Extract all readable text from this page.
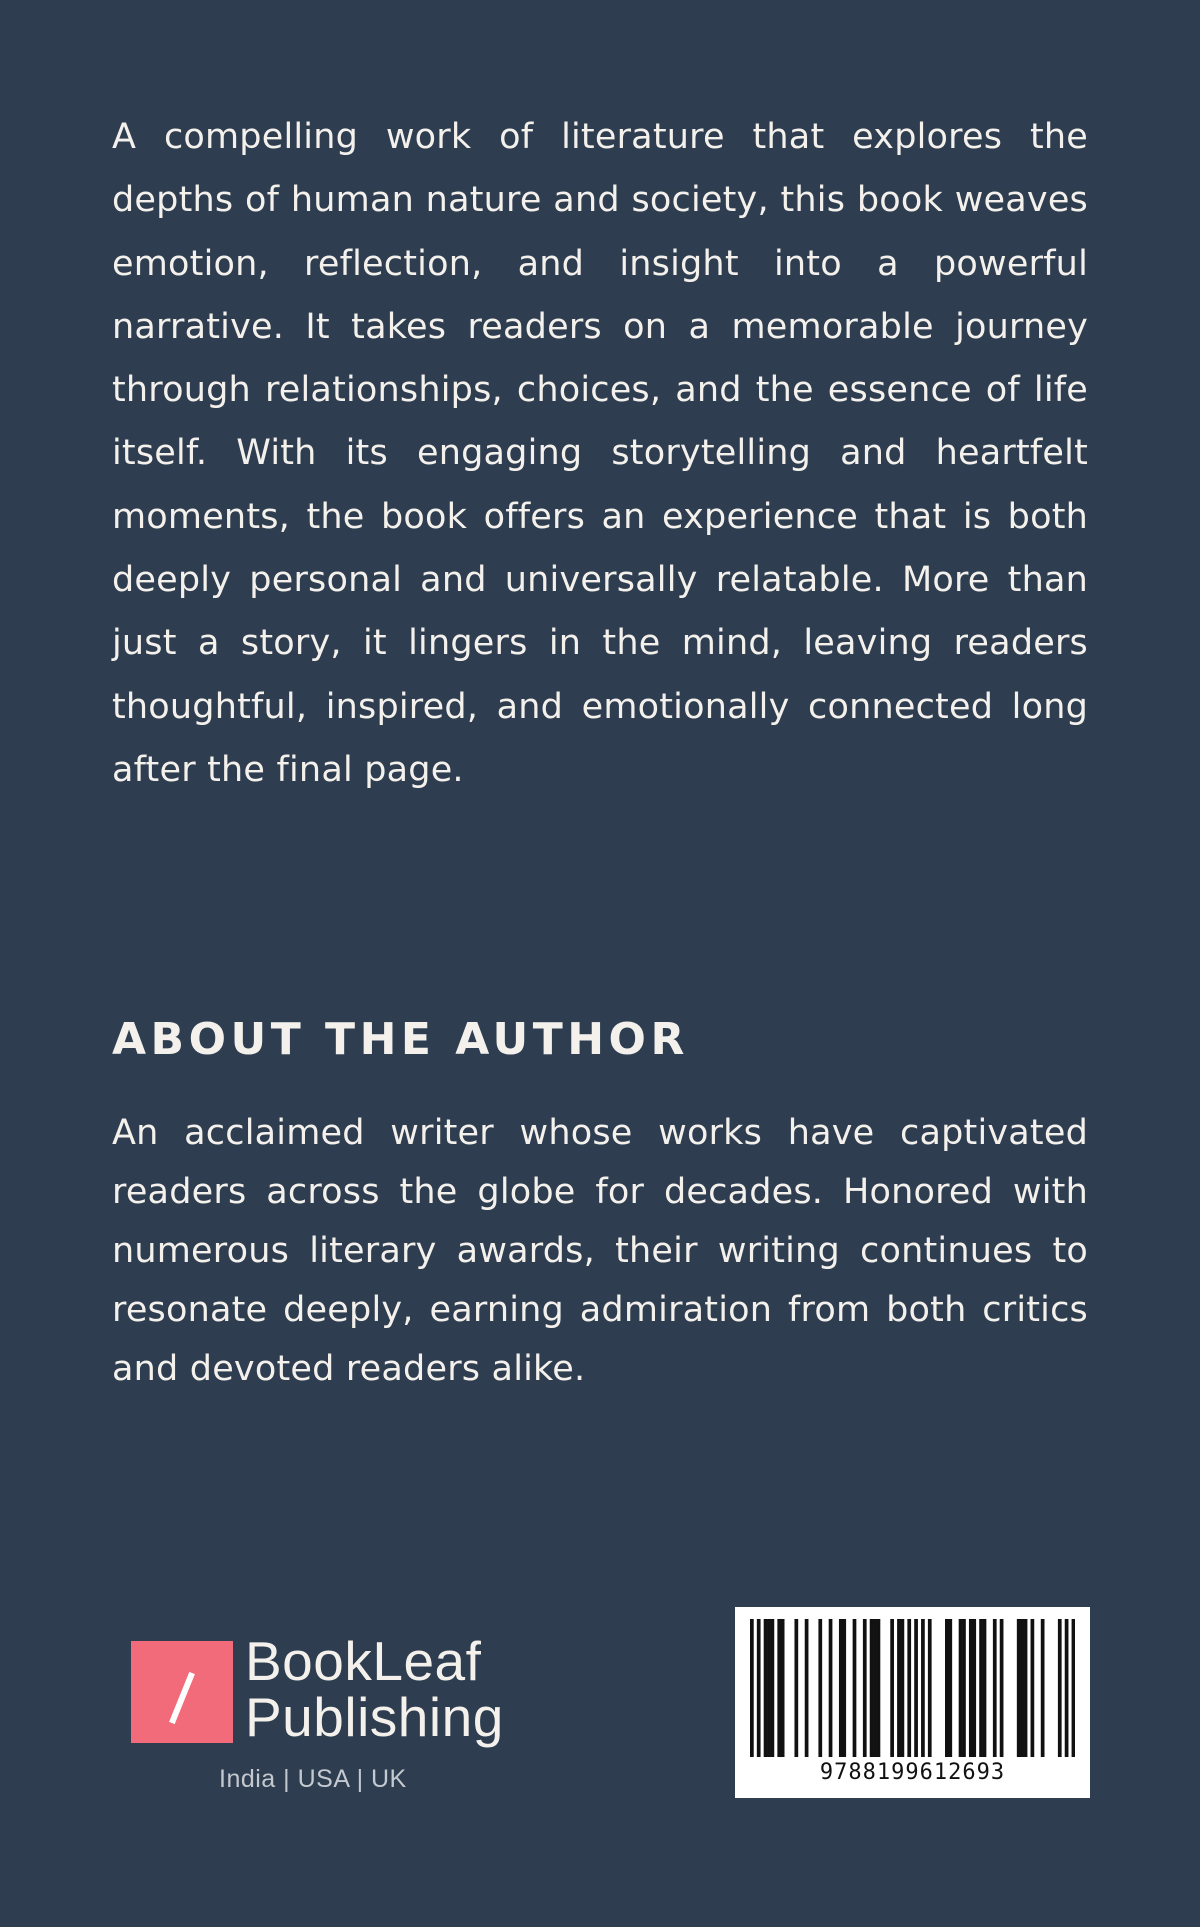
A compelling work of literature that explores the depths of human nature and society, this book weaves emotion, reflection, and insight into a powerful narrative. It takes readers on a memorable journey through relationships, choices, and the essence of life itself. With its engaging storytelling and heartfelt moments, the book offers an experience that is both deeply personal and universally relatable. More than just a story, it lingers in the mind, leaving readers thoughtful, inspired, and emotionally connected long after the final page.

ABOUT THE AUTHOR

An acclaimed writer whose works have captivated readers across the globe for decades. Honored with numerous literary awards, their writing continues to resonate deeply, earning admiration from both critics and devoted readers alike.

BookLeaf
Publishing
India | USA | UK	9788199612693
